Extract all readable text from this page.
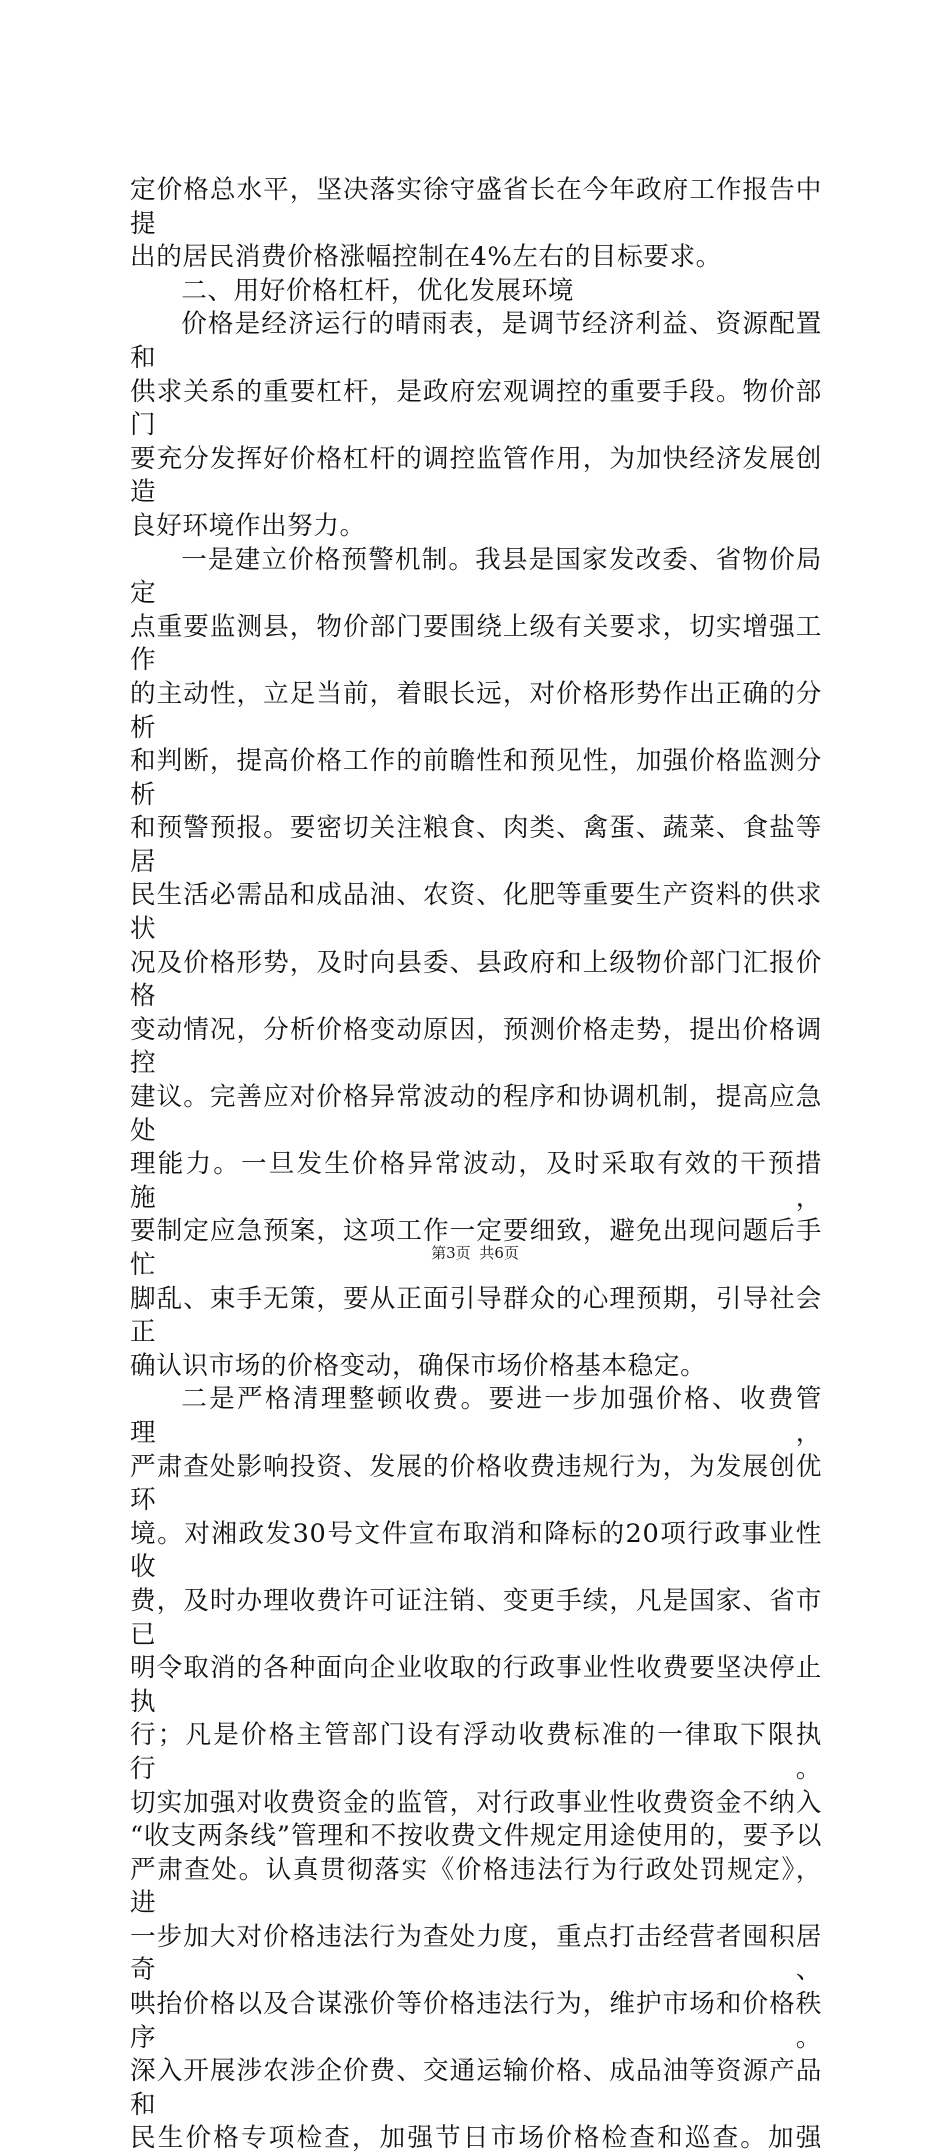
定价格总水平，坚决落实徐守盛省长在今年政府工作报告中提
出的居民消费价格涨幅控制在4%左右的目标要求。
二、用好价格杠杆，优化发展环境
价格是经济运行的晴雨表，是调节经济利益、资源配置和
供求关系的重要杠杆，是政府宏观调控的重要手段。物价部门
要充分发挥好价格杠杆的调控监管作用，为加快经济发展创造
良好环境作出努力。
一是建立价格预警机制。我县是国家发改委、省物价局定
点重要监测县，物价部门要围绕上级有关要求，切实增强工作
的主动性，立足当前，着眼长远，对价格形势作出正确的分析
和判断，提高价格工作的前瞻性和预见性，加强价格监测分析
和预警预报。要密切关注粮食、肉类、禽蛋、蔬菜、食盐等居
民生活必需品和成品油、农资、化肥等重要生产资料的供求状
况及价格形势，及时向县委、县政府和上级物价部门汇报价格
变动情况，分析价格变动原因，预测价格走势，提出价格调控
建议。完善应对价格异常波动的程序和协调机制，提高应急处
理能力。一旦发生价格异常波动，及时采取有效的干预措施，
要制定应急预案，这项工作一定要细致，避免出现问题后手忙
脚乱、束手无策，要从正面引导群众的心理预期，引导社会正
确认识市场的价格变动，确保市场价格基本稳定。
二是严格清理整顿收费。要进一步加强价格、收费管理，
严肃查处影响投资、发展的价格收费违规行为，为发展创优环
境。对湘政发30号文件宣布取消和降标的20项行政事业性收
费，及时办理收费许可证注销、变更手续，凡是国家、省市已
明令取消的各种面向企业收取的行政事业性收费要坚决停止执
行；凡是价格主管部门设有浮动收费标准的一律取下限执行。
切实加强对收费资金的监管，对行政事业性收费资金不纳入
“收支两条线”管理和不按收费文件规定用途使用的，要予以
严肃查处。认真贯彻落实《价格违法行为行政处罚规定》，进
一步加大对价格违法行为查处力度，重点打击经营者囤积居奇、
哄抬价格以及合谋涨价等价格违法行为，维护市场和价格秩序。
深入开展涉农涉企价费、交通运输价格、成品油等资源产品和
民生价格专项检查，加强节日市场价格检查和巡查。加强
第3页 共6页
